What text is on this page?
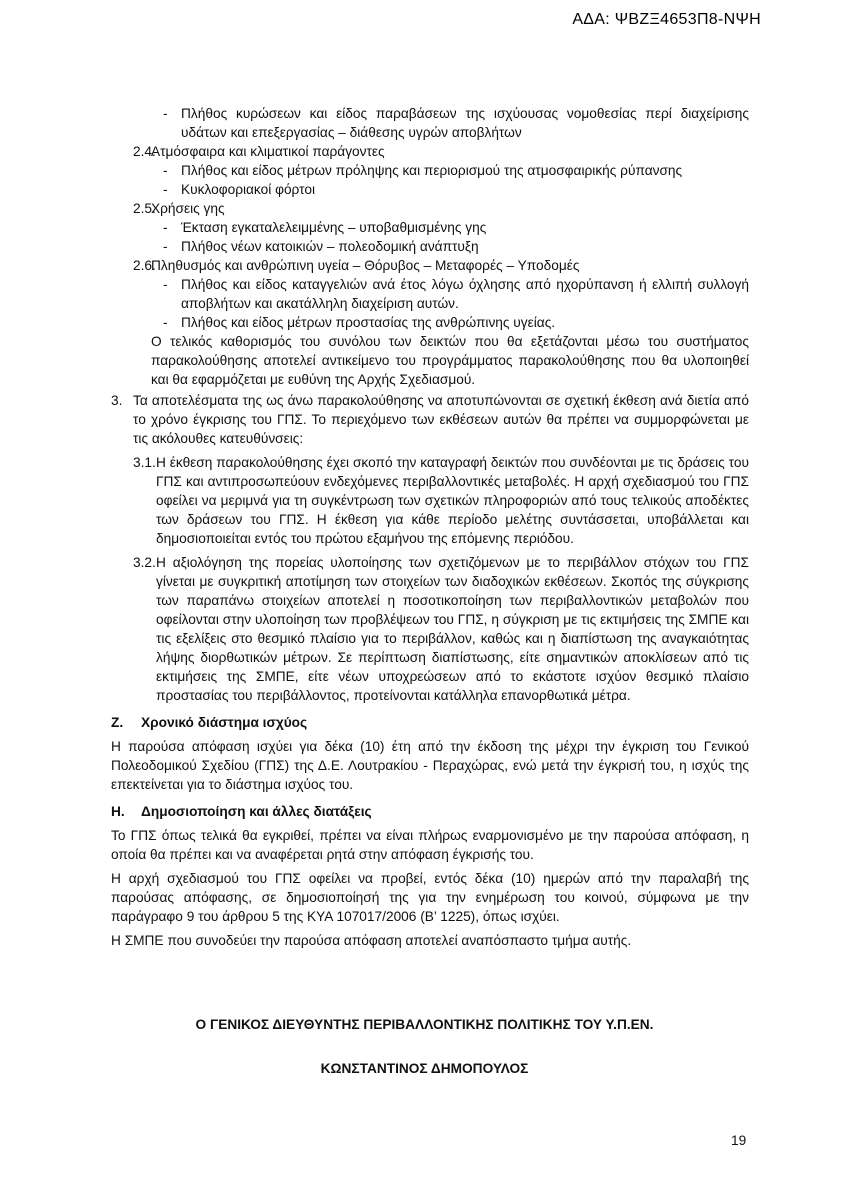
ΑΔΑ: ΨΒΖΞ4653Π8-ΝΨΗ
- Πλήθος κυρώσεων και είδος παραβάσεων της ισχύουσας νομοθεσίας περί διαχείρισης υδάτων και επεξεργασίας – διάθεσης υγρών αποβλήτων
2.4.
Ατμόσφαιρα και κλιματικοί παράγοντες
- Πλήθος και είδος μέτρων πρόληψης και περιορισμού της ατμοσφαιρικής ρύπανσης
- Κυκλοφοριακοί φόρτοι
2.5.
Χρήσεις γης
- Έκταση εγκαταλελειμμένης – υποβαθμισμένης γης
- Πλήθος νέων κατοικιών – πολεοδομική ανάπτυξη
2.6.
Πληθυσμός και ανθρώπινη υγεία – Θόρυβος – Μεταφορές – Υποδομές
- Πλήθος και είδος καταγγελιών ανά έτος λόγω όχλησης από ηχορύπανση ή ελλιπή συλλογή αποβλήτων και ακατάλληλη διαχείριση αυτών.
- Πλήθος και είδος μέτρων προστασίας της ανθρώπινης υγείας.
Ο τελικός καθορισμός του συνόλου των δεικτών που θα εξετάζονται μέσω του συστήματος παρακολούθησης αποτελεί αντικείμενο του προγράμματος παρακολούθησης που θα υλοποιηθεί και θα εφαρμόζεται με ευθύνη της Αρχής Σχεδιασμού.
3. Τα αποτελέσματα της ως άνω παρακολούθησης να αποτυπώνονται σε σχετική έκθεση ανά διετία από το χρόνο έγκρισης του ΓΠΣ. Το περιεχόμενο των εκθέσεων αυτών θα πρέπει να συμμορφώνεται με τις ακόλουθες κατευθύνσεις:
3.1. Η έκθεση παρακολούθησης έχει σκοπό την καταγραφή δεικτών που συνδέονται με τις δράσεις του ΓΠΣ και αντιπροσωπεύουν ενδεχόμενες περιβαλλοντικές μεταβολές. Η αρχή σχεδιασμού του ΓΠΣ οφείλει να μεριμνά για τη συγκέντρωση των σχετικών πληροφοριών από τους τελικούς αποδέκτες των δράσεων του ΓΠΣ. Η έκθεση για κάθε περίοδο μελέτης συντάσσεται, υποβάλλεται και δημοσιοποιείται εντός του πρώτου εξαμήνου της επόμενης περιόδου.
3.2. Η αξιολόγηση της πορείας υλοποίησης των σχετιζόμενων με το περιβάλλον στόχων του ΓΠΣ γίνεται με συγκριτική αποτίμηση των στοιχείων των διαδοχικών εκθέσεων. Σκοπός της σύγκρισης των παραπάνω στοιχείων αποτελεί η ποσοτικοποίηση των περιβαλλοντικών μεταβολών που οφείλονται στην υλοποίηση των προβλέψεων του ΓΠΣ, η σύγκριση με τις εκτιμήσεις της ΣΜΠΕ και τις εξελίξεις στο θεσμικό πλαίσιο για το περιβάλλον, καθώς και η διαπίστωση της αναγκαιότητας λήψης διορθωτικών μέτρων. Σε περίπτωση διαπίστωσης, είτε σημαντικών αποκλίσεων από τις εκτιμήσεις της ΣΜΠΕ, είτε νέων υποχρεώσεων από το εκάστοτε ισχύον θεσμικό πλαίσιο προστασίας του περιβάλλοντος, προτείνονται κατάλληλα επανορθωτικά μέτρα.
Ζ. Χρονικό διάστημα ισχύος

Η παρούσα απόφαση ισχύει για δέκα (10) έτη από την έκδοση της μέχρι την έγκριση του Γενικού Πολεοδομικού Σχεδίου (ΓΠΣ) της Δ.Ε. Λουτρακίου - Περαχώρας, ενώ μετά την έγκρισή του, η ισχύς της επεκτείνεται για το διάστημα ισχύος του.

Η. Δημοσιοποίηση και άλλες διατάξεις

Το ΓΠΣ όπως τελικά θα εγκριθεί, πρέπει να είναι πλήρως εναρμονισμένο με την παρούσα απόφαση, η οποία θα πρέπει και να αναφέρεται ρητά στην απόφαση έγκρισής του.

Η αρχή σχεδιασμού του ΓΠΣ οφείλει να προβεί, εντός δέκα (10) ημερών από την παραλαβή της παρούσας απόφασης, σε δημοσιοποίησή της για την ενημέρωση του κοινού, σύμφωνα με την παράγραφο 9 του άρθρου 5 της ΚΥΑ 107017/2006 (Β’ 1225), όπως ισχύει.

Η ΣΜΠΕ που συνοδεύει την παρούσα απόφαση αποτελεί αναπόσπαστο τμήμα αυτής.

Ο ΓΕΝΙΚΟΣ ΔΙΕΥΘΥΝΤΗΣ ΠΕΡΙΒΑΛΛΟΝΤΙΚΗΣ ΠΟΛΙΤΙΚΗΣ ΤΟΥ Υ.Π.ΕΝ.
ΚΩΝΣΤΑΝΤΙΝΟΣ ΔΗΜΟΠΟΥΛΟΣ
19
